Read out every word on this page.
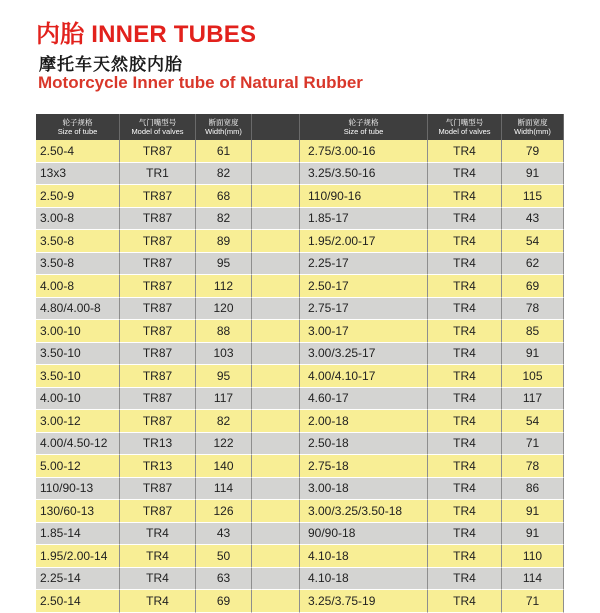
内胎 INNER TUBES
摩托车天然胶内胎
Motorcycle Inner tube of Natural Rubber
轮子规格
Size of tube
气门嘴型号
Model of valves
断面宽度
Width(mm)
轮子规格
Size of tube
气门嘴型号
Model of valves
断面宽度
Width(mm)
2.50-4	TR87	61	2.75/3.00-16	TR4	79
13x3	TR1	82	3.25/3.50-16	TR4	91
2.50-9	TR87	68	110/90-16	TR4	115
3.00-8	TR87	82	1.85-17	TR4	43
3.50-8	TR87	89	1.95/2.00-17	TR4	54
3.50-8	TR87	95	2.25-17	TR4	62
4.00-8	TR87	112	2.50-17	TR4	69
4.80/4.00-8	TR87	120	2.75-17	TR4	78
3.00-10	TR87	88	3.00-17	TR4	85
3.50-10	TR87	103	3.00/3.25-17	TR4	91
3.50-10	TR87	95	4.00/4.10-17	TR4	105
4.00-10	TR87	117	4.60-17	TR4	117
3.00-12	TR87	82	2.00-18	TR4	54
4.00/4.50-12	TR13	122	2.50-18	TR4	71
5.00-12	TR13	140	2.75-18	TR4	78
110/90-13	TR87	114	3.00-18	TR4	86
130/60-13	TR87	126	3.00/3.25/3.50-18	TR4	91
1.85-14	TR4	43	90/90-18	TR4	91
1.95/2.00-14	TR4	50	4.10-18	TR4	110
2.25-14	TR4	63	4.10-18	TR4	114
2.50-14	TR4	69	3.25/3.75-19	TR4	71
